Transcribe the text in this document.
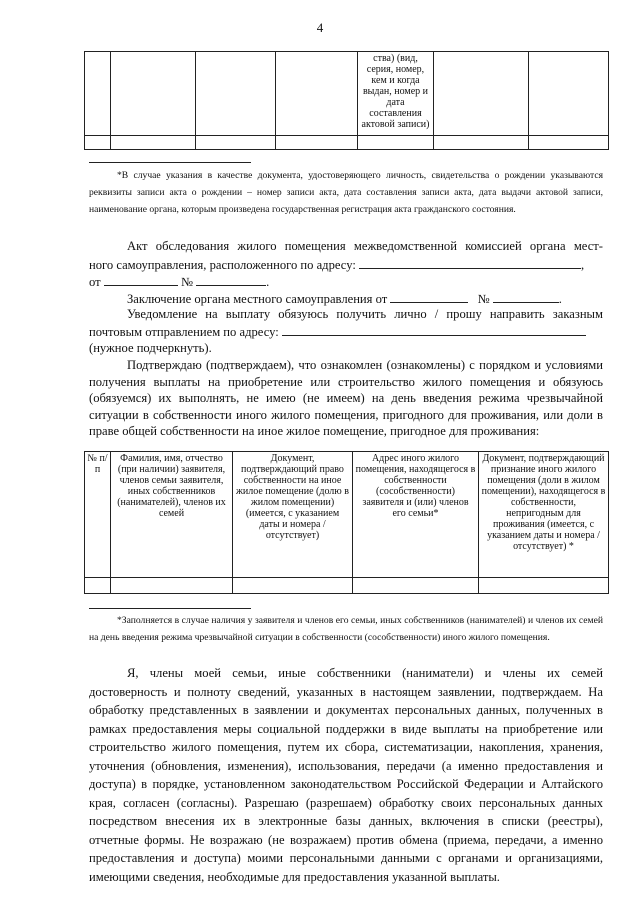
4
				ства) (вид, серия, номер, кем и когда выдан, номер и дата составления актовой записи)		

*В случае указания в качестве документа, удостоверяющего личность, свидетельства о рождении указываются реквизиты записи акта о рождении – номер записи акта, дата составления записи акта, дата выдачи актовой записи, наименование органа, которым произведена государственная регистрация акта гражданского состояния.
Акт обследования жилого помещения межведомственной комиссией органа мест-
ного самоуправления, расположенного по адресу:	,
от	№	.
Заключение органа местного самоуправления от	№	.
Уведомление на выплату обязуюсь получить лично / прошу направить заказным
почтовым отправлением по адресу:
(нужное подчеркнуть).
Подтверждаю (подтверждаем), что ознакомлен (ознакомлены) с порядком и условиями получения выплаты на приобретение или строительство жилого помещения и обязуюсь (обязуемся) их выполнять, не имею (не имеем) на день введения режима чрезвычайной ситуации в собственности иного жилого помещения, пригодного для проживания, или доли в праве общей собственности на иное жилое помещение, пригодное для проживания:
№ п/п	Фамилия, имя, отчество (при наличии) заявителя, членов семьи заявителя, иных собственников (нанимателей), членов их семей	Документ, подтверждающий право собственности на иное жилое помещение (долю в жилом помещении) (имеется, с указанием даты и номера / отсутствует)	Адрес иного жилого помещения, находящегося в собственности (сособственности) заявителя и (или) членов его семьи*	Документ, подтверждающий признание иного жилого помещения (доли в жилом помещении), находящегося в собственности, непригодным для проживания (имеется, с указанием даты и номера / отсутствует) *

*Заполняется в случае наличия у заявителя и членов его семьи, иных собственников (нанимателей) и членов их семей на день введения режима чрезвычайной ситуации в собственности (сособственности) иного жилого помещения.
Я, члены моей семьи, иные собственники (наниматели) и члены их семей достоверность и полноту сведений, указанных в настоящем заявлении, подтверждаем. На обработку представленных в заявлении и документах персональных данных, полученных в рамках предоставления меры социальной поддержки в виде выплаты на приобретение или строительство жилого помещения, путем их сбора, систематизации, накопления, хранения, уточнения (обновления, изменения), использования, передачи (а именно предоставления и доступа) в порядке, установленном законодательством Российской Федерации и Алтайского края, согласен (согласны). Разрешаю (разрешаем) обработку своих персональных данных посредством внесения их в электронные базы данных, включения в списки (реестры), отчетные формы. Не возражаю (не возражаем) против обмена (приема, передачи, а именно предоставления и доступа) моими персональными данными с органами и организациями, имеющими сведения, необходимые для предоставления указанной выплаты.
